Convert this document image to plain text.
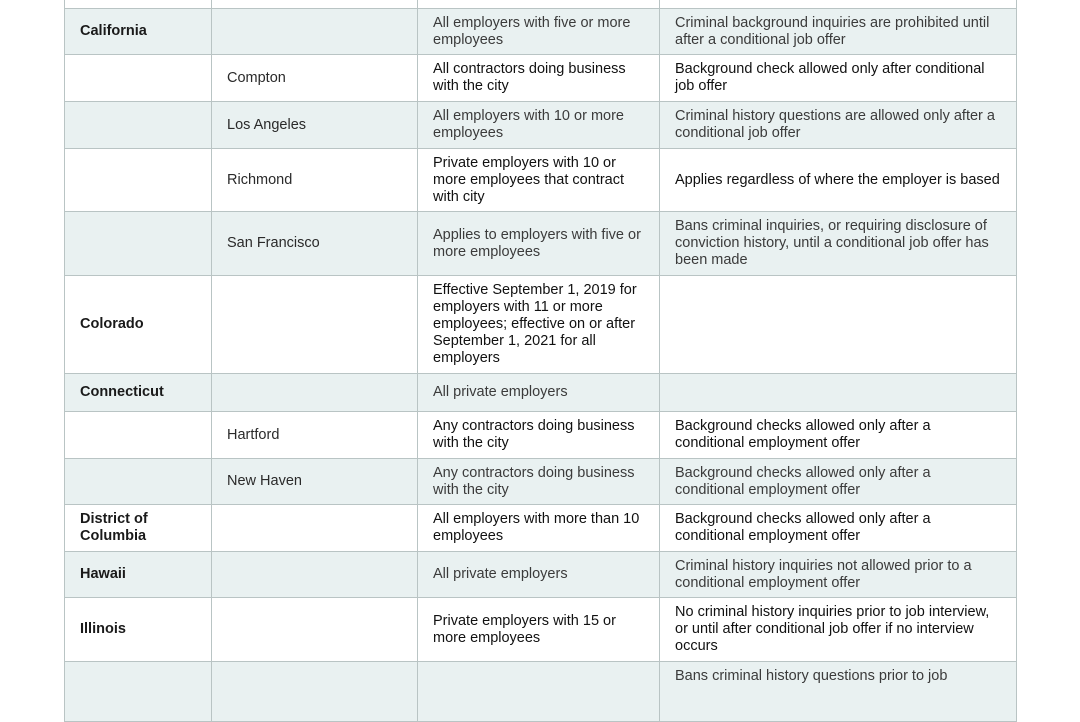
California		All employers with five or more employees	Criminal background inquiries are prohibited until after a conditional job offer
	Compton	All contractors doing business with the city	Background check allowed only after conditional job offer
	Los Angeles	All employers with 10 or more employees	Criminal history questions are allowed only after a conditional job offer
	Richmond	Private employers with 10 or more employees that contract with city	Applies regardless of where the employer is based
	San Francisco	Applies to employers with five or more employees	Bans criminal inquiries, or requiring disclosure of conviction history, until a conditional job offer has been made
Colorado		Effective September 1, 2019 for employers with 11 or more employees; effective on or after September 1, 2021 for all employers	
Connecticut		All private employers	
	Hartford	Any contractors doing business with the city	Background checks allowed only after a conditional employment offer
	New Haven	Any contractors doing business with the city	Background checks allowed only after a conditional employment offer
District of Columbia		All employers with more than 10 employees	Background checks allowed only after a conditional employment offer
Hawaii		All private employers	Criminal history inquiries not allowed prior to a conditional employment offer
Illinois		Private employers with 15 or more employees	No criminal history inquiries prior to job interview, or until after conditional job offer if no interview occurs
			Bans criminal history questions prior to job
